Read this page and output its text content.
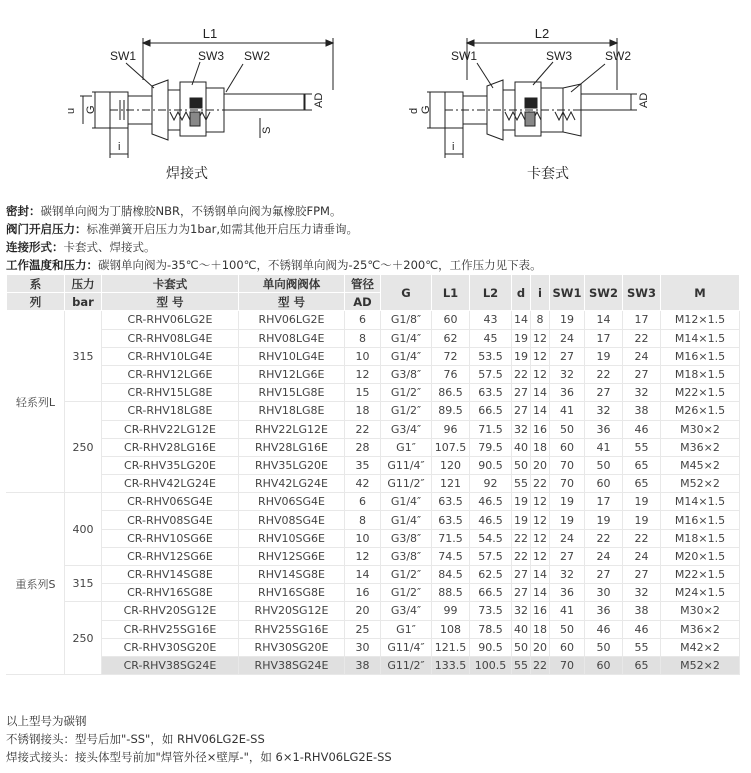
L1
SW1	SW3 SW2
u G
AD
i
S
焊接式
L2
SW1	SW3	SW2
d G
AD
i
卡套式
密封：碳钢单向阀为丁腈橡胶NBR，不锈钢单向阀为氟橡胶FPM。
阀门开启压力：标准弹簧开启压力为1bar,如需其他开启压力请垂询。
连接形式：卡套式、焊接式。
工作温度和压力：碳钢单向阀为-35℃～＋100℃，不锈钢单向阀为-25℃～＋200℃，工作压力见下表。
系	压力	卡套式	单向阀阀体	管径	G	L1	L2	d	i	SW1	SW2	SW3	M
列	bar	型 号	型 号	AD									
轻系列L	315	CR-RHV06LG2E	RHV06LG2E	6	G1/8″	60	43	14	8	19	14	17	M12×1.5
		CR-RHV08LG4E	RHV08LG4E	8	G1/4″	62	45	19	12	24	17	22	M14×1.5
		CR-RHV10LG4E	RHV10LG4E	10	G1/4″	72	53.5	19	12	27	19	24	M16×1.5
		CR-RHV12LG6E	RHV12LG6E	12	G3/8″	76	57.5	22	12	32	22	27	M18×1.5
		CR-RHV15LG8E	RHV15LG8E	15	G1/2″	86.5	63.5	27	14	36	27	32	M22×1.5
	250	CR-RHV18LG8E	RHV18LG8E	18	G1/2″	89.5	66.5	27	14	41	32	38	M26×1.5
		CR-RHV22LG12E	RHV22LG12E	22	G3/4″	96	71.5	32	16	50	36	46	M30×2
		CR-RHV28LG16E	RHV28LG16E	28	G1″	107.5	79.5	40	18	60	41	55	M36×2
		CR-RHV35LG20E	RHV35LG20E	35	G11/4″	120	90.5	50	20	70	50	65	M45×2
		CR-RHV42LG24E	RHV42LG24E	42	G11/2″	121	92	55	22	70	60	65	M52×2
重系列S	400	CR-RHV06SG4E	RHV06SG4E	6	G1/4″	63.5	46.5	19	12	19	17	19	M14×1.5
		CR-RHV08SG4E	RHV08SG4E	8	G1/4″	63.5	46.5	19	12	19	19	19	M16×1.5
		CR-RHV10SG6E	RHV10SG6E	10	G3/8″	71.5	54.5	22	12	24	22	22	M18×1.5
		CR-RHV12SG6E	RHV12SG6E	12	G3/8″	74.5	57.5	22	12	27	24	24	M20×1.5
	315	CR-RHV14SG8E	RHV14SG8E	14	G1/2″	84.5	62.5	27	14	32	27	27	M22×1.5
		CR-RHV16SG8E	RHV16SG8E	16	G1/2″	88.5	66.5	27	14	36	30	32	M24×1.5
	250	CR-RHV20SG12E	RHV20SG12E	20	G3/4″	99	73.5	32	16	41	36	38	M30×2
		CR-RHV25SG16E	RHV25SG16E	25	G1″	108	78.5	40	18	50	46	46	M36×2
		CR-RHV30SG20E	RHV30SG20E	30	G11/4″	121.5	90.5	50	20	60	50	55	M42×2
		CR-RHV38SG24E	RHV38SG24E	38	G11/2″	133.5	100.5	55	22	70	60	65	M52×2
以上型号为碳钢
不锈钢接头：型号后加"-SS"，如 RHV06LG2E-SS
焊接式接头：接头体型号前加"焊管外径×壁厚-"，如 6×1-RHV06LG2E-SS
